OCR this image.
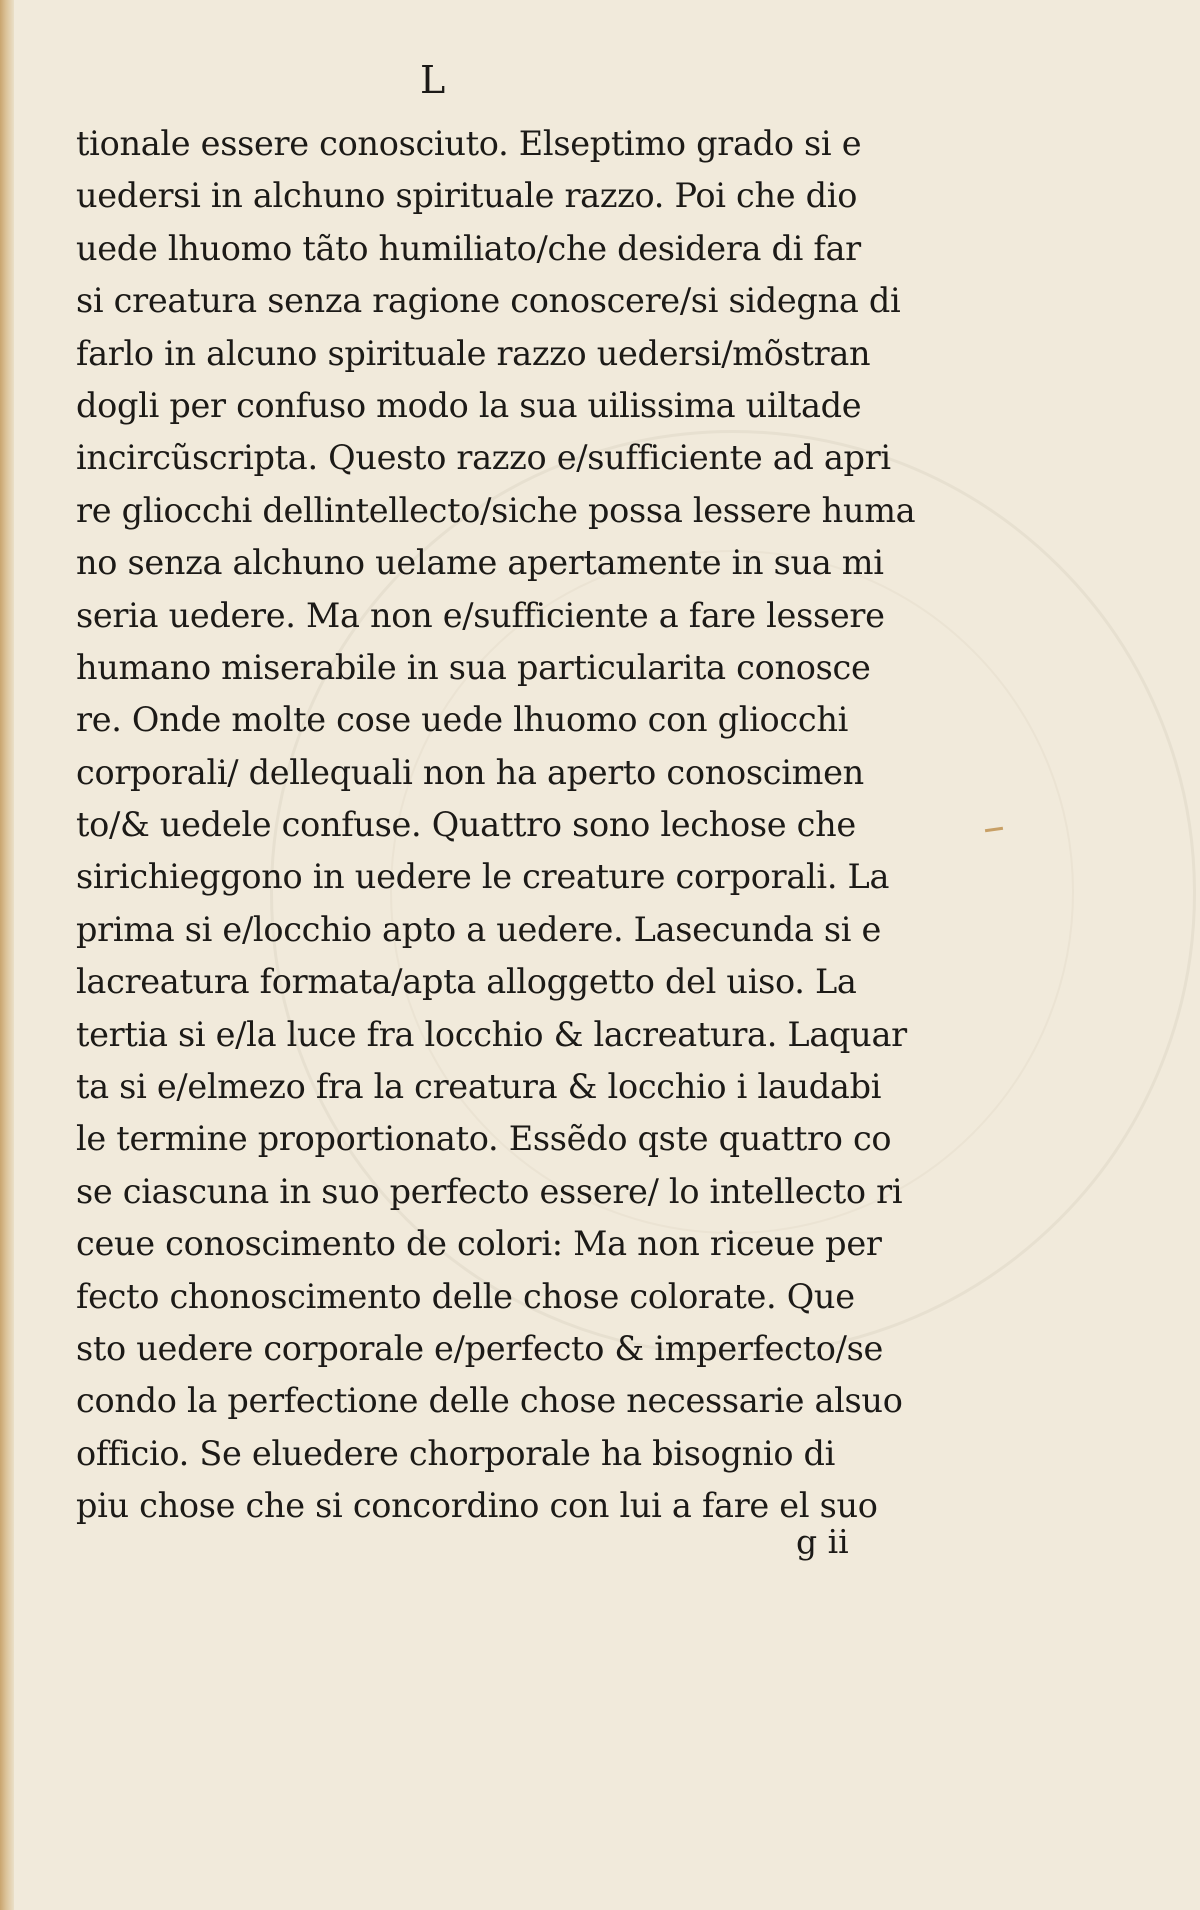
L
tionale essere conosciuto. Elseptimo grado si e
uedersi in alchuno spirituale razzo. Poi che dio
uede lhuomo tãto humiliato/che desidera di far
si creatura senza ragione conoscere/si sidegna di
farlo in alcuno spirituale razzo uedersi/mõstran
dogli per confuso modo la sua uilissima uiltade
incircũscripta. Questo razzo e/sufficiente ad apri
re gliocchi dellintellecto/siche possa lessere huma
no senza alchuno uelame apertamente in sua mi
seria uedere. Ma non e/sufficiente a fare lessere
humano miserabile in sua particularita conosce
re. Onde molte cose uede lhuomo con gliocchi
corporali/ dellequali non ha aperto conoscimen
to/& uedele confuse. Quattro sono lechose che
sirichieggono in uedere le creature corporali. La
prima si e/locchio apto a uedere. Lasecunda si e
lacreatura formata/apta alloggetto del uiso. La
tertia si e/la luce fra locchio & lacreatura. Laquar
ta si e/elmezo fra la creatura & locchio i laudabi
le termine proportionato. Essẽdo qste quattro co
se ciascuna in suo perfecto essere/ lo intellecto ri
ceue conoscimento de colori: Ma non riceue per
fecto chonoscimento delle chose colorate. Que
sto uedere corporale e/perfecto & imperfecto/se
condo la perfectione delle chose necessarie alsuo
officio. Se eluedere chorporale ha bisognio di
piu chose che si concordino con lui a fare el suo
g ii
